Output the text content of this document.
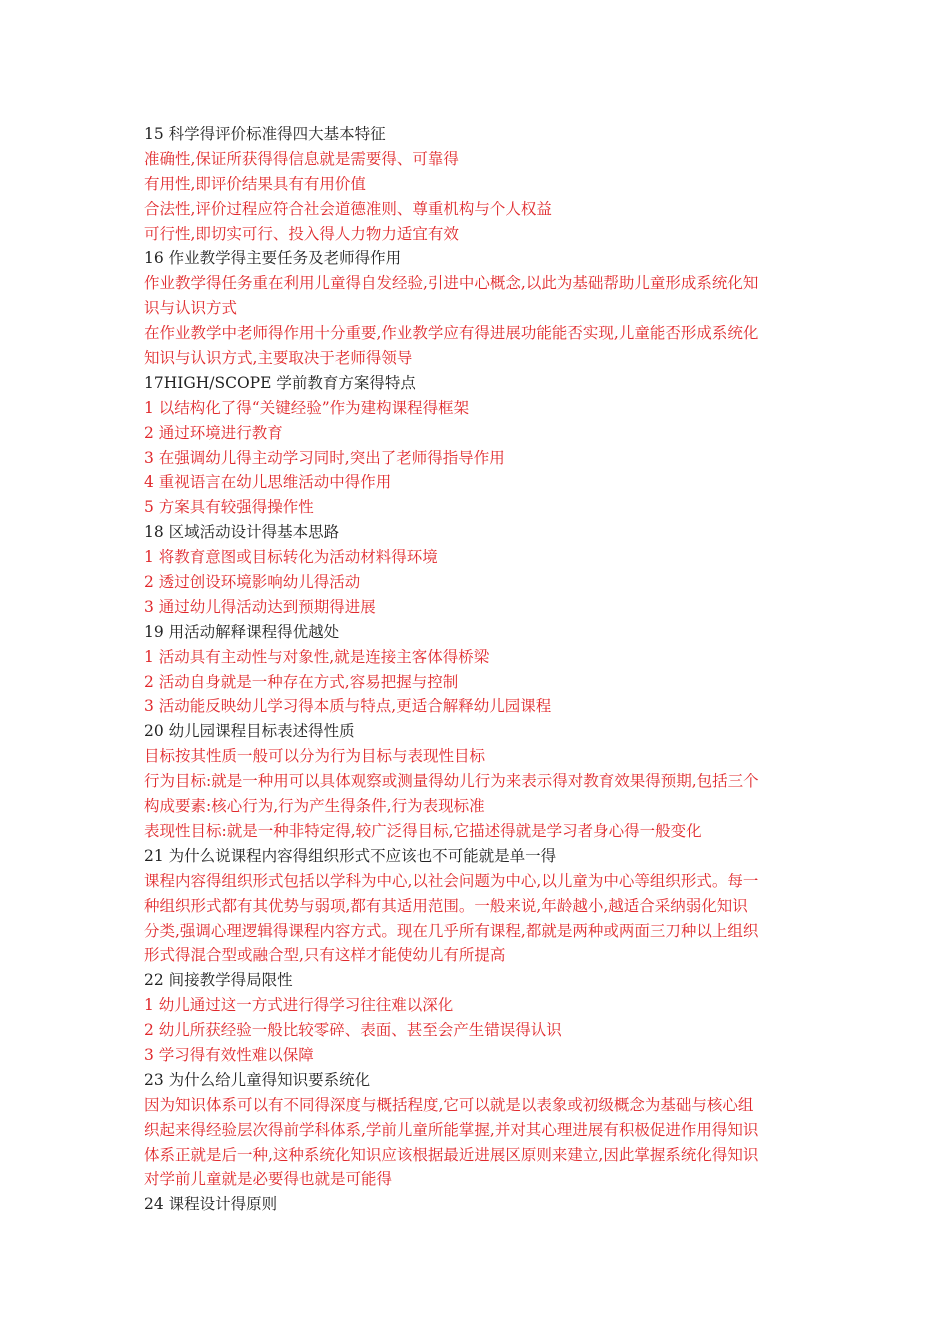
15 科学得评价标准得四大基本特征
准确性,保证所获得得信息就是需要得、可靠得
有用性,即评价结果具有有用价值
合法性,评价过程应符合社会道德准则、尊重机构与个人权益
可行性,即切实可行、投入得人力物力适宜有效
16 作业教学得主要任务及老师得作用
作业教学得任务重在利用儿童得自发经验,引进中心概念,以此为基础帮助儿童形成系统化知
识与认识方式
在作业教学中老师得作用十分重要,作业教学应有得进展功能能否实现,儿童能否形成系统化
知识与认识方式,主要取决于老师得领导
17HIGH/SCOPE 学前教育方案得特点
1 以结构化了得“关键经验”作为建构课程得框架
2 通过环境进行教育
3 在强调幼儿得主动学习同时,突出了老师得指导作用
4 重视语言在幼儿思维活动中得作用
5 方案具有较强得操作性
18 区域活动设计得基本思路
1 将教育意图或目标转化为活动材料得环境
2 透过创设环境影响幼儿得活动
3 通过幼儿得活动达到预期得进展
19 用活动解释课程得优越处
1 活动具有主动性与对象性,就是连接主客体得桥梁
2 活动自身就是一种存在方式,容易把握与控制
3 活动能反映幼儿学习得本质与特点,更适合解释幼儿园课程
20 幼儿园课程目标表述得性质
目标按其性质一般可以分为行为目标与表现性目标
行为目标:就是一种用可以具体观察或测量得幼儿行为来表示得对教育效果得预期,包括三个
构成要素:核心行为,行为产生得条件,行为表现标准
表现性目标:就是一种非特定得,较广泛得目标,它描述得就是学习者身心得一般变化
21 为什么说课程内容得组织形式不应该也不可能就是单一得
课程内容得组织形式包括以学科为中心,以社会问题为中心,以儿童为中心等组织形式。每一
种组织形式都有其优势与弱项,都有其适用范围。一般来说,年龄越小,越适合采纳弱化知识
分类,强调心理逻辑得课程内容方式。现在几乎所有课程,都就是两种或两面三刀种以上组织
形式得混合型或融合型,只有这样才能使幼儿有所提高
22 间接教学得局限性
1 幼儿通过这一方式进行得学习往往难以深化
2 幼儿所获经验一般比较零碎、表面、甚至会产生错误得认识
3 学习得有效性难以保障
23 为什么给儿童得知识要系统化
因为知识体系可以有不同得深度与概括程度,它可以就是以表象或初级概念为基础与核心组
织起来得经验层次得前学科体系,学前儿童所能掌握,并对其心理进展有积极促进作用得知识
体系正就是后一种,这种系统化知识应该根据最近进展区原则来建立,因此掌握系统化得知识
对学前儿童就是必要得也就是可能得
24 课程设计得原则
